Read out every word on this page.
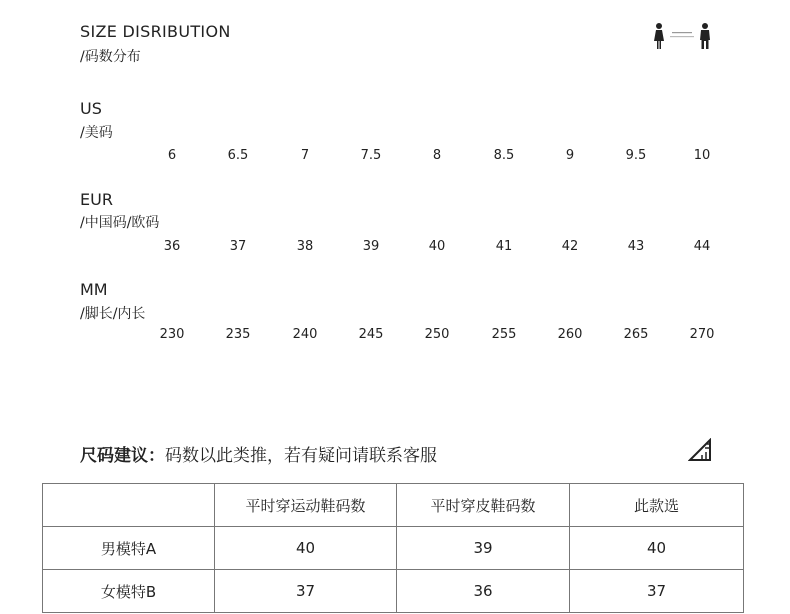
SIZE DISRIBUTION
/码数分布
US
/美码
6	6.5	7	7.5	8	8.5	9	9.5	10
EUR
/中国码/欧码
36	37	38	39	40	41	42	43	44
MM
/脚长/内长
230	235	240	245	250	255	260	265	270
尺码建议：码数以此类推，若有疑问请联系客服
	平时穿运动鞋码数	平时穿皮鞋码数	此款选
男模特A	40	39	40
女模特B	37	36	37
